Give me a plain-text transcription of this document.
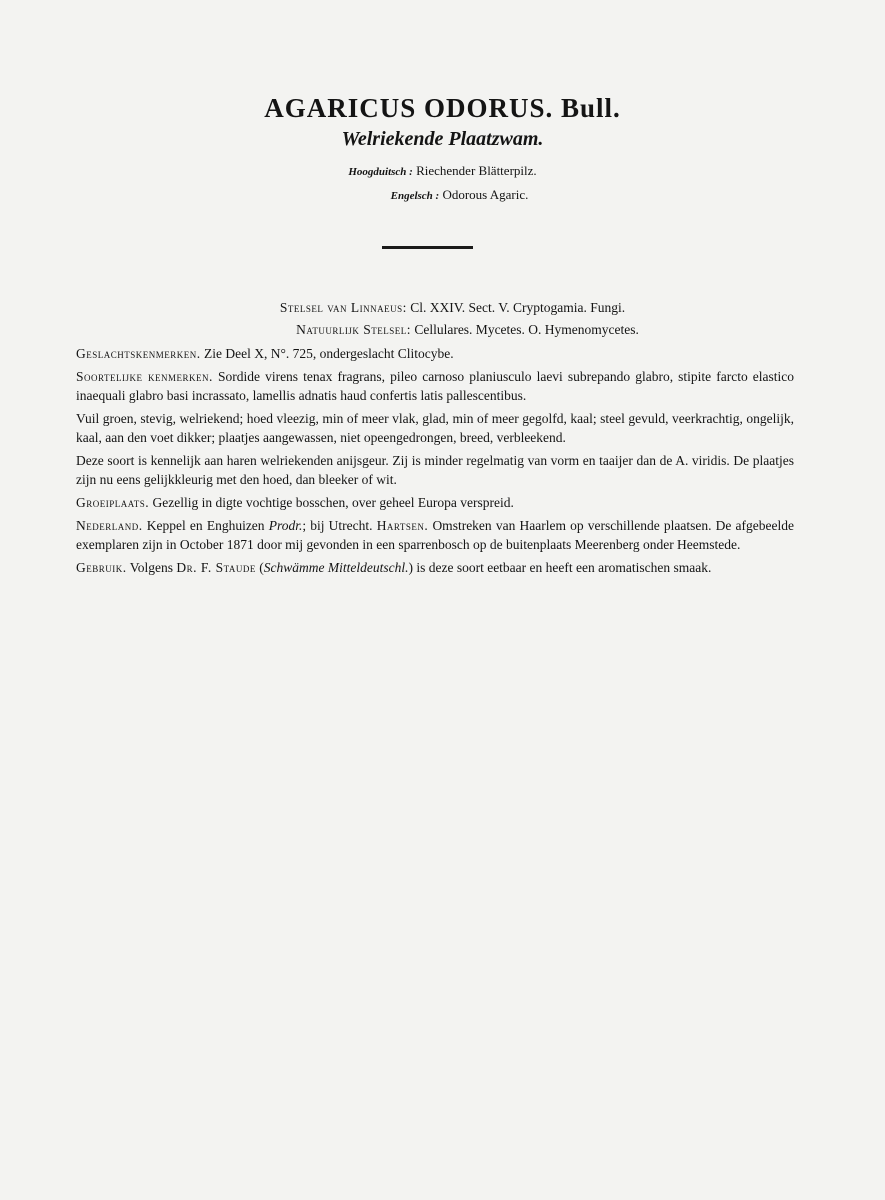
AGARICUS ODORUS. Bull.
Welriekende Plaatzwam.
Hoogduitsch : Riechender Blätterpilz.
Engelsch : Odorous Agaric.
Stelsel van Linnaeus: Cl. XXIV. Sect. V. Cryptogamia. Fungi.
Natuurlijk Stelsel: Cellulares. Mycetes. O. Hymenomycetes.

Geslachtskenmerken. Zie Deel X, N°. 725, ondergeslacht Clitocybe.

Soortelijke kenmerken. Sordide virens tenax fragrans, pileo carnoso planiusculo laevi subrepando glabro, stipite farcto elastico inaequali glabro basi incrassato, lamellis adnatis haud confertis latis pallescentibus.

Vuil groen, stevig, welriekend; hoed vleezig, min of meer vlak, glad, min of meer gegolfd, kaal; steel gevuld, veerkrachtig, ongelijk, kaal, aan den voet dikker; plaatjes aangewassen, niet opeengedrongen, breed, verbleekend.

Deze soort is kennelijk aan haren welriekenden anijsgeur. Zij is minder regelmatig van vorm en taaijer dan de A. viridis. De plaatjes zijn nu eens gelijkkleurig met den hoed, dan bleeker of wit.

Groeiplaats. Gezellig in digte vochtige bosschen, over geheel Europa verspreid.

Nederland. Keppel en Enghuizen Prodr.; bij Utrecht. Hartsen. Omstreken van Haarlem op verschillende plaatsen. De afgebeelde exemplaren zijn in October 1871 door mij gevonden in een sparrenbosch op de buitenplaats Meerenberg onder Heemstede.

Gebruik. Volgens Dr. F. Staude (Schwämme Mitteldeutschl.) is deze soort eetbaar en heeft een aromatischen smaak.
